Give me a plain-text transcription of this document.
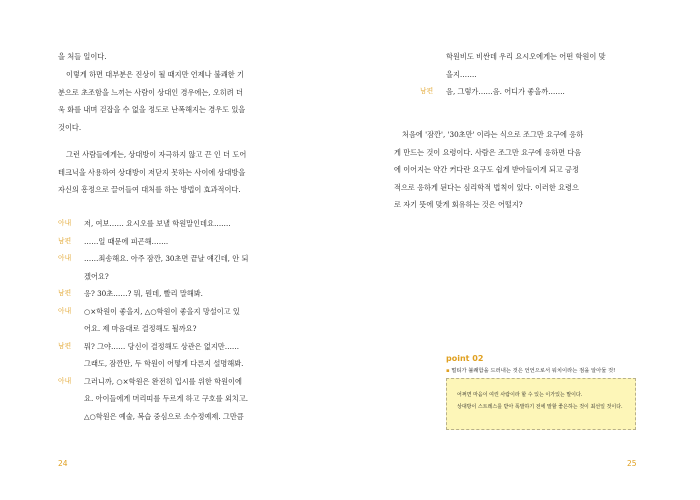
을 처들 일이다.
이렇게 하면 대부분은 진상이 될 때지만 언제나 불쾌한 기
분으로 초조함을 느끼는 사람이 상대인 경우에는, 오히려 더
욱 화를 내며 걷잡을 수 없을 정도로 난폭해지는 경우도 있을
것이다.
그런 사람들에게는, 상대방이 자극하지 않고 끈 인 더 도어
테크닉을 사용하여 상대방이 저닫지 못하는 사이에 상대방을
자신의 흥정으로 끌어들여 대처를 하는 방법이 효과적이다.
아내	저, 여보…… 요시오를 보낼 학원말인데요…….
남편	……일 때문에 피곤해…….
아내	……죄송해요. 아주 잠깐, 30초면 끝날 얘긴데, 안 되
겠어요?
남편	응? 30초……? 뭐, 뭔데, 빨리 말해봐.
아내	○×학원이 좋을지, △○학원이 좋을지 망설이고 있
어요. 제 마음대로 결정해도 될까요?
남편	뭐? 그야…… 당신이 결정해도 상관은 없지만……
그래도, 잠깐만, 두 학원이 어떻게 다른지 설명해봐.
아내	그러니까, ○×학원은 완전히 입시를 위한 학원이에
요. 아이들에게 머리띠를 두르게 하고 구호를 외치고.
△○학원은 예술, 복습 중심으로 소수정예제. 그만큼
24
학원비도 비싼데 우리 요시오에게는 어떤 학원이 맞
을지…….
남편	음, 그렇가……음. 어디가 좋을까…….
처음에 '잠깐', '30초만' 이라는 식으로 조그만 요구에 응하
게 만드는 것이 요령이다. 사람은 조그만 요구에 응하면 다음
에 이어지는 약간 커다란 요구도 쉽게 받아들이게 되고 긍정
적으로 응하게 된다는 심리학적 법칙이 있다. 이러한 요령으
로 자기 뜻에 맞게 회유하는 것은 어떨지?
25
point 02
▪ 멀티가 불쾌함을 드러내는 것은 언언으로서 워치이라는 점을 알아둘 것!
어쩌면 마음이 여린 사람이라 할 수 있는 이가있는 말이다.
상대방이 스트레스를 받아 폭발하기 전에 말할 좋은하는 것이 최선일 것이다.
